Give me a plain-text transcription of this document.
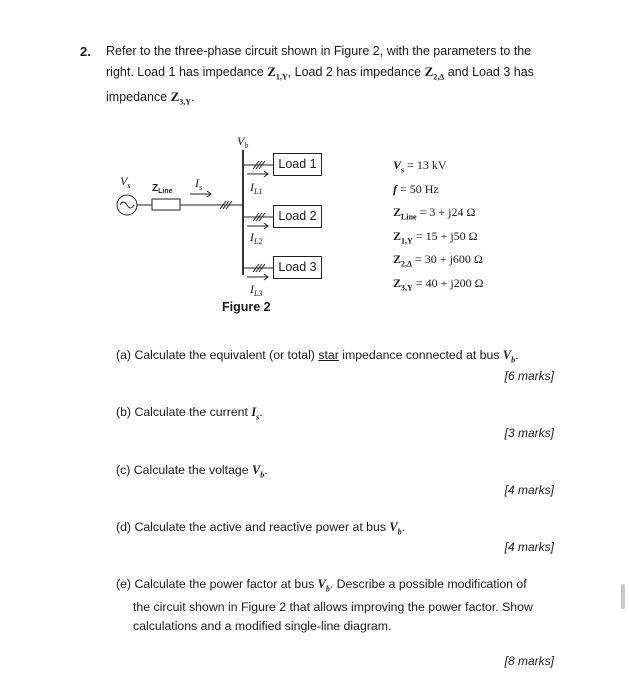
2. Refer to the three-phase circuit shown in Figure 2, with the parameters to the
right. Load 1 has impedance $Z_{1,Y}$, Load 2 has impedance $Z_{2,\Delta}$ and Load 3 has
impedance $Z_{3,Y}$.
$V_b$
$V_s$	$I_s$	$I_{L1}$
$I_{L2}$
$I_{L3}$
$Z_{Line}$
Load 1
Load 2
Load 3
Figure 2
$V_s = 13$ kV
f = 50 Hz
$Z_{Line} = 3 + j24$ Ω
$Z_{1,Y} = 15 + j50$ Ω
$Z_{2,\Delta} = 30 + j600$ Ω
$Z_{3,Y} = 40 + j200$ Ω
(a) Calculate the equivalent (or total) star impedance connected at bus $V_b$.
[6 marks]
(b) Calculate the current $I_s$.
[3 marks]
(c) Calculate the voltage $V_b$.
[4 marks]
(d) Calculate the active and reactive power at bus $V_b$.
[4 marks]
(e) Calculate the power factor at bus $V_b$. Describe a possible modification of
the circuit shown in Figure 2 that allows improving the power factor. Show
calculations and a modified single-line diagram.
[8 marks]
